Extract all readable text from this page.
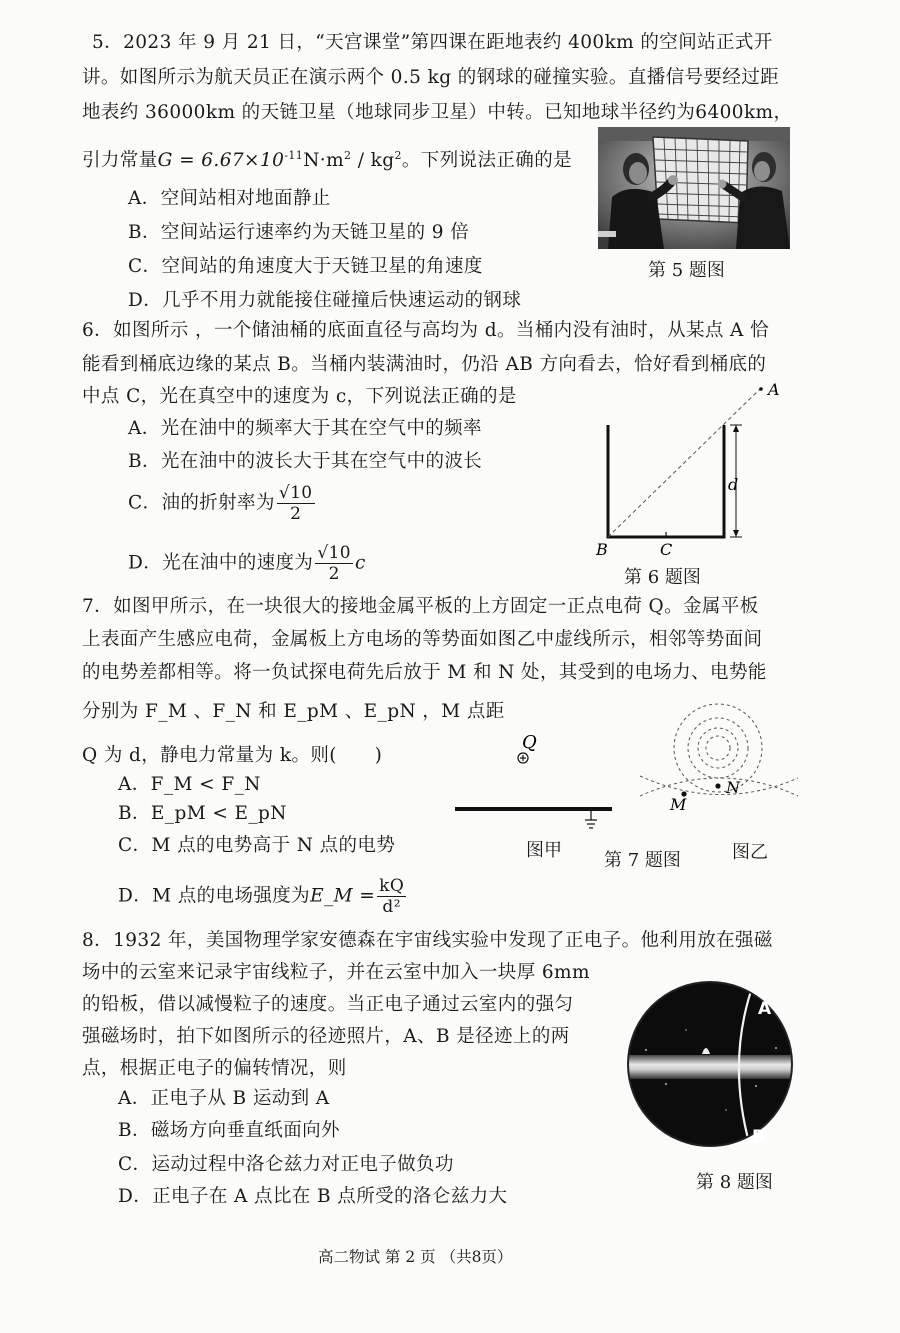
5．2023 年 9 月 21 日，“天宫课堂”第四课在距地表约 400km 的空间站正式开
讲。如图所示为航天员正在演示两个 0.5 kg 的钢球的碰撞实验。直播信号要经过距
地表约 36000km 的天链卫星（地球同步卫星）中转。已知地球半径约为6400km，
引力常量$G = 6.67\times 10^{-11}N\cdot m^2 / kg^2$。下列说法正确的是
A．空间站相对地面静止
B．空间站运行速率约为天链卫星的 9 倍
C．空间站的角速度大于天链卫星的角速度
D．几乎不用力就能接住碰撞后快速运动的钢球
第 5 题图
6．如图所示 ，一个储油桶的底面直径与高均为 d。当桶内没有油时，从某点 A 恰
能看到桶底边缘的某点 B。当桶内装满油时，仍沿 AB 方向看去，恰好看到桶底的
中点 C，光在真空中的速度为 c，下列说法正确的是
A．光在油中的频率大于其在空气中的频率
B．光在油中的波长大于其在空气中的波长
C．油的折射率为 $\frac{√10}{2}$
D．光在油中的速度为 $\frac{√10}{2}$ c
A
d
B	C
第 6 题图
7．如图甲所示，在一块很大的接地金属平板的上方固定一正点电荷 Q。金属平板
上表面产生感应电荷，金属板上方电场的等势面如图乙中虚线所示，相邻等势面间
的电势差都相等。将一负试探电荷先后放于 M 和 N 处，其受到的电场力、电势能
分别为 F_M 、F_N 和 E_pM 、E_pN ，M 点距
Q 为 d，静电力常量为 k。则(　　)
A．F_M < F_N
B．E_pM < E_pN
C．M 点的电势高于 N 点的电势
D．M 点的电场强度为E_M = $\frac{kQ}{\text{d²}}$
Q
图甲
M
N
第 7 题图	图乙
8．1932 年，美国物理学家安德森在宇宙线实验中发现了正电子。他利用放在强磁
场中的云室来记录宇宙线粒子，并在云室中加入一块厚 6mm
的铅板，借以减慢粒子的速度。当正电子通过云室内的强匀
强磁场时，拍下如图所示的径迹照片，A、B 是径迹上的两
点，根据正电子的偏转情况，则
A．正电子从 B 运动到 A
B．磁场方向垂直纸面向外
C．运动过程中洛仑兹力对正电子做负功
D．正电子在 A 点比在 B 点所受的洛仑兹力大
A
B
第 8 题图
高二物试 第 2 页 （共8页）
